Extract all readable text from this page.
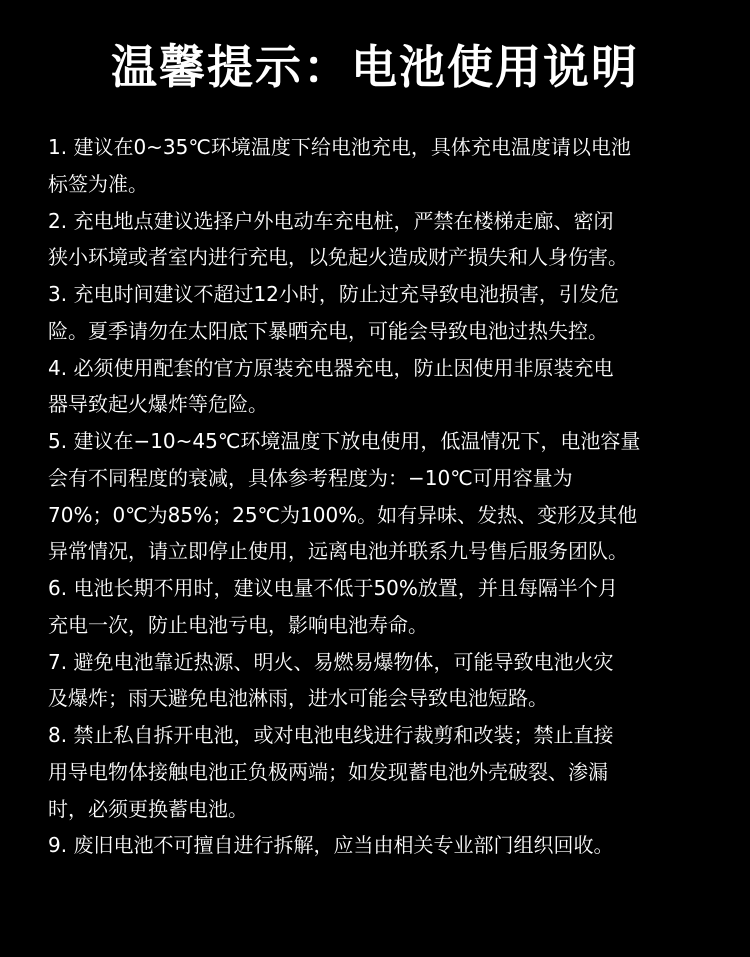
温馨提示：电池使用说明
1. 建议在0~35℃环境温度下给电池充电，具体充电温度请以电池
标签为准。
2. 充电地点建议选择户外电动车充电桩，严禁在楼梯走廊、密闭
狭小环境或者室内进行充电，以免起火造成财产损失和人身伤害。
3. 充电时间建议不超过12小时，防止过充导致电池损害，引发危
险。夏季请勿在太阳底下暴晒充电，可能会导致电池过热失控。
4. 必须使用配套的官方原装充电器充电，防止因使用非原装充电
器导致起火爆炸等危险。
5. 建议在−10~45℃环境温度下放电使用，低温情况下，电池容量
会有不同程度的衰减，具体参考程度为：−10℃可用容量为
70%；0℃为85%；25℃为100%。如有异味、发热、变形及其他
异常情况，请立即停止使用，远离电池并联系九号售后服务团队。
6. 电池长期不用时，建议电量不低于50%放置，并且每隔半个月
充电一次，防止电池亏电，影响电池寿命。
7. 避免电池靠近热源、明火、易燃易爆物体，可能导致电池火灾
及爆炸；雨天避免电池淋雨，进水可能会导致电池短路。
8. 禁止私自拆开电池，或对电池电线进行裁剪和改装；禁止直接
用导电物体接触电池正负极两端；如发现蓄电池外壳破裂、渗漏
时，必须更换蓄电池。
9. 废旧电池不可擅自进行拆解，应当由相关专业部门组织回收。
